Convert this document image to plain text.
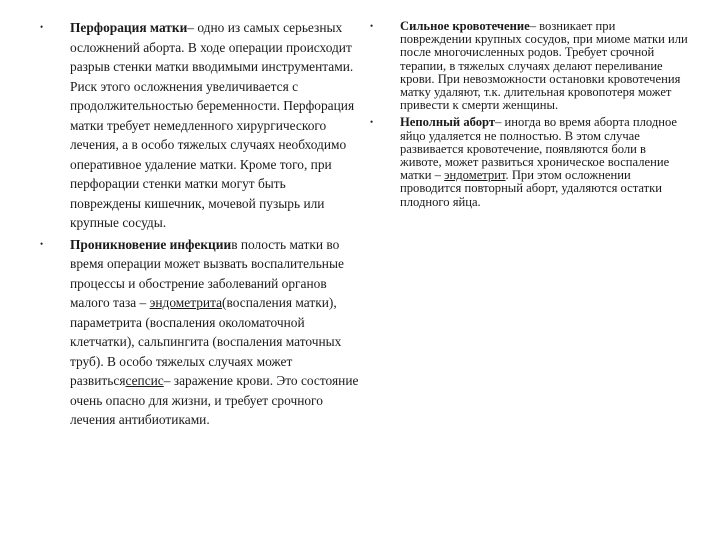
•	Перфорация матки– одно из самых серьезных осложнений аборта. В ходе операции происходит разрыв стенки матки вводимыми инструментами. Риск этого осложнения увеличивается с продолжительностью беременности. Перфорация матки требует немедленного хирургического лечения, а в особо тяжелых случаях необходимо оперативное удаление матки. Кроме того, при перфорации стенки матки могут быть повреждены кишечник, мочевой пузырь или крупные сосуды.
•	Проникновение инфекциив полость матки во время операции может вызвать воспалительные процессы и обострение заболеваний органов малого таза – эндометрита(воспаления матки), параметрита (воспаления околоматочной клетчатки), сальпингита (воспаления маточных труб). В особо тяжелых случаях может развитьсясепсис– заражение крови. Это состояние очень опасно для жизни, и требует срочного лечения антибиотиками.
•	Сильное кровотечение– возникает при повреждении крупных сосудов, при миоме матки или после многочисленных родов. Требует срочной терапии, в тяжелых случаях делают переливание крови. При невозможности остановки кровотечения матку удаляют, т.к. длительная кровопотеря может привести к смерти женщины.
•	Неполный аборт– иногда во время аборта плодное яйцо удаляется не полностью. В этом случае развивается кровотечение, появляются боли в животе, может развиться хроническое воспаление матки – эндометрит. При этом осложнении проводится повторный аборт, удаляются остатки плодного яйца.
